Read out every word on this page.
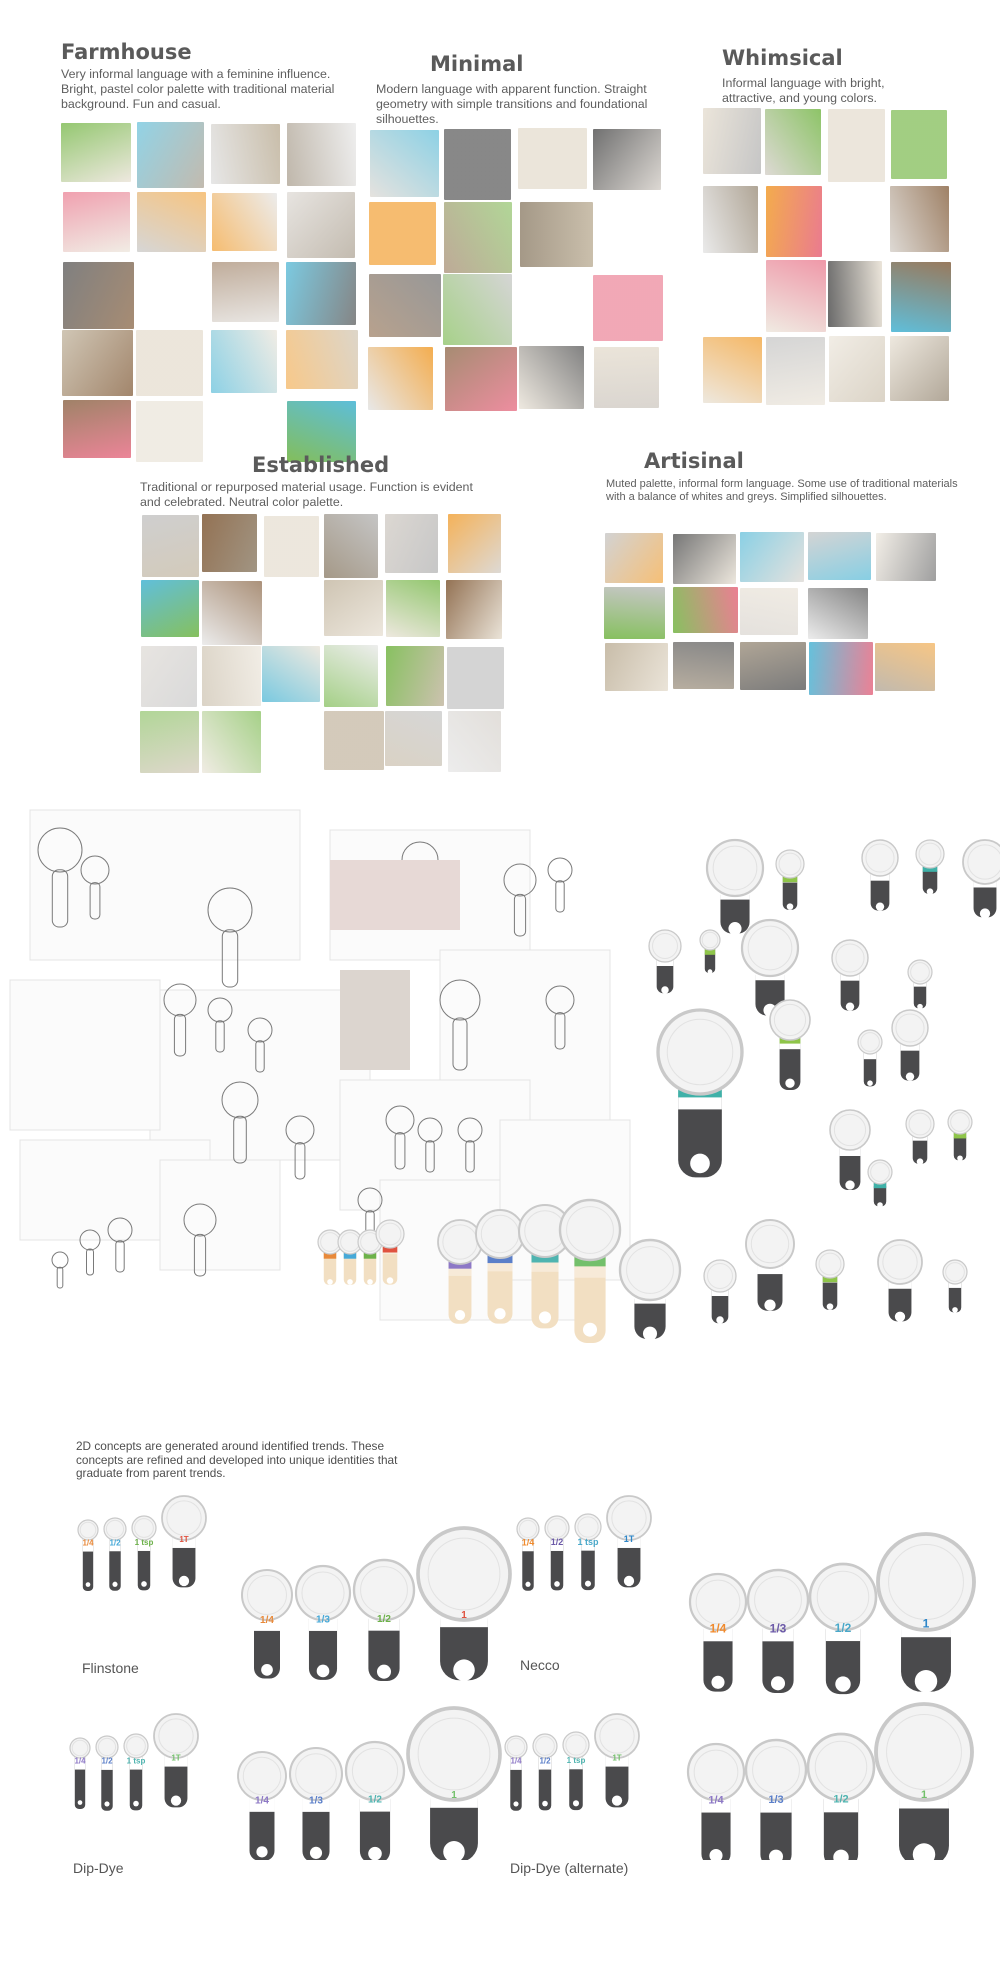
Farmhouse

Very informal language with a feminine influence. Bright, pastel color palette with traditional material background. Fun and casual.

Minimal

Modern language with apparent function. Straight geometry with simple transitions and foundational silhouettes.

Whimsical

Informal language with bright, attractive, and young colors.

Established

Traditional or repurposed material usage. Function is evident and celebrated. Neutral color palette.

Artisinal

Muted palette, informal form language. Some use of traditional materials with a balance of whites and greys. Simplified silhouettes.

2D concepts are generated around identified trends. These concepts are refined and developed into unique identities that graduate from parent trends.

1/4 1/2 1 tsp	1T
1/4	1/3	1/2	1
1/4 1/2 1 tsp	1T
1/4	1/3	1/2	1
Flinstone	Necco
1/4 1/2 1 tsp	1T
1/4	1/3	1/2	1
1/4 1/2 1 tsp	1T
1/4	1/3	1/2	1
Dip-Dye	Dip-Dye (alternate)
